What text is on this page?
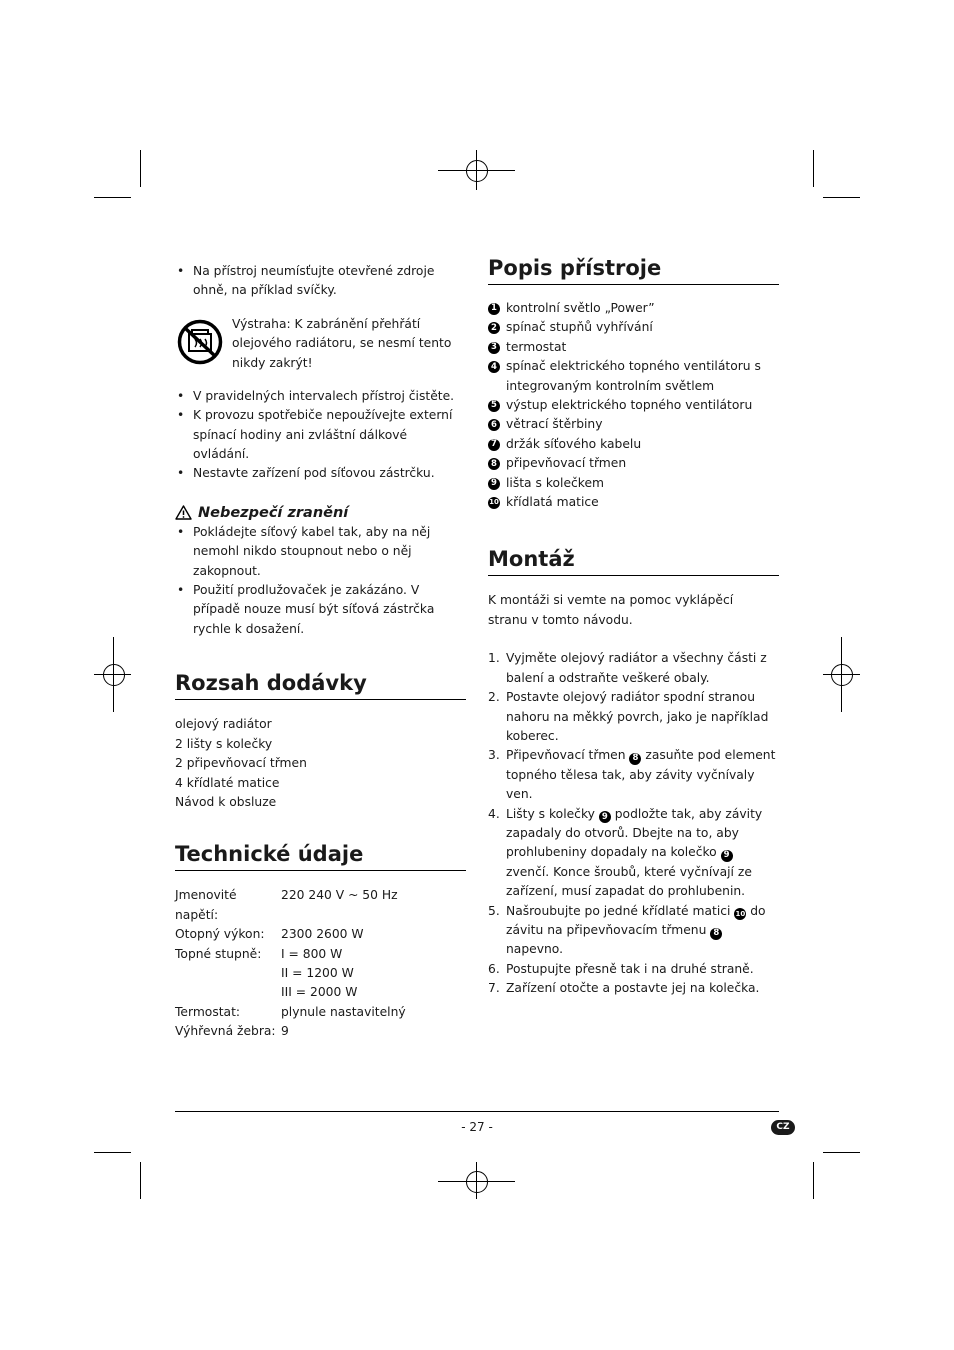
• Na přístroj neumísťujte otevřené zdroje ohně, na příklad svíčky.
Výstraha: K zabránění přehřátí olejového radiátoru, se nesmí tento nikdy zakrýt!
• V pravidelných intervalech přístroj čistěte.
• K provozu spotřebiče nepoužívejte externí spínací hodiny ani zvláštní dálkové ovládání.
• Nestavte zařízení pod síťovou zástrčku.
Nebezpečí zranění
• Pokládejte síťový kabel tak, aby na něj nemohl nikdo stoupnout nebo o něj zakopnout.
• Použití prodlužovaček je zakázáno. V případě nouze musí být síťová zástrčka rychle k dosažení.
Rozsah dodávky
olejový radiátor
2 lišty s kolečky
2 připevňovací třmen
4 křídlaté matice
Návod k obsluze
Technické údaje
Jmenovité napětí:
220 240 V ~ 50 Hz
Otopný výkon:	2300 2600 W
Topné stupně:	I = 800 W
II = 1200 W
III = 2000 W
Termostat:	plynule nastavitelný
Výhřevná žebra: 9
Popis přístroje
1 kontrolní světlo „Power”
2 spínač stupňů vyhřívání
3 termostat
4 spínač elektrického topného ventilátoru s integrovaným kontrolním světlem
5 výstup elektrického topného ventilátoru
6 větrací štěrbiny
7 držák síťového kabelu
8 připevňovací třmen
9 lišta s kolečkem
10 křídlatá matice
Montáž
K montáži si vemte na pomoc vyklápěcí stranu v tomto návodu.
1. Vyjměte olejový radiátor a všechny části z balení a odstraňte veškeré obaly.
2. Postavte olejový radiátor spodní stranou nahoru na měkký povrch, jako je například koberec.
3. Připevňovací třmen 8 zasuňte pod element topného tělesa tak, aby závity vyčnívaly ven.
4. Lišty s kolečky 9 podložte tak, aby závity zapadaly do otvorů. Dbejte na to, aby prohlubeniny dopadaly na kolečko 9 zvenčí. Konce šroubů, které vyčnívají ze zařízení, musí zapadat do prohlubenin.
5. Našroubujte po jedné křídlaté matici 10 do závitu na připevňovacím třmenu 8 napevno.
6. Postupujte přesně tak i na druhé straně.
7. Zařízení otočte a postavte jej na kolečka.
- 27 -	CZ
